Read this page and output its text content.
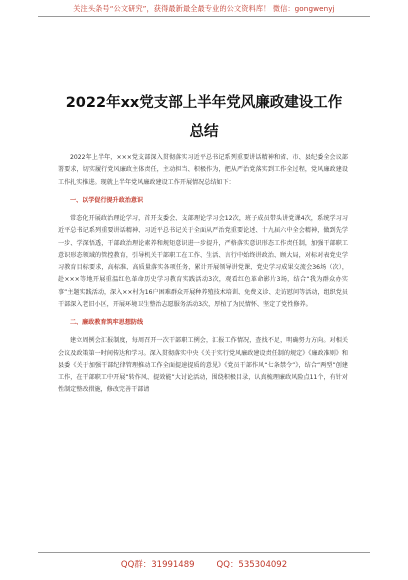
关注头条号“公文研究”，获得最新最全最专业的公文资料库！ 微信：gongwenyj
2022年xx党支部上半年党风廉政建设工作
总结

2022年上半年，×××党支部深入贯彻落实习近平总书记系列重要讲话精神和省、市、县纪委全会议部署要求，切实履行党风廉政主体责任，主动担当、积极作为，把从严治党落实到工作全过程，党风廉政建设工作扎实推进。现就上半年党风廉政建设工作开展情况总结如下：

一、以学促行提升政治意识

常态化开展政治理论学习，首开支委会、支部理论学习会12次，班子成员带头讲党课4次，系统学习习近平总书记系列重要讲话精神、习近平总书记关于全面从严治党重要论述、十九届六中全会精神，做到先学一步、学深悟透，干部政治理论素养和规矩意识进一步提升，严格落实意识形态工作责任制，加强干部职工意识形态领域的管控教育，引导机关干部职工在工作、生活、言行中始终讲政治、顾大局，对标对表党史学习教育目标要求，高标准、高质量落实各项任务，累计开展领导讲党课、党史学习成果交流会36场（次），赴×××等地开展重温红色革命历史学习教育实践活动3次，观看红色革命影片3场，结合“我为群众办实事”主题实践活动，深入××村为16户困难群众开展种养殖技术培训、免费义诊、走访慰问等活动，组织党员干部深入老旧小区，开展环境卫生整治志愿服务活动3次，厚植了为民情怀、坚定了党性修养。

二、廉政教育筑牢思想防线

建立周例会汇报制度，每周召开一次干部职工例会，汇报工作情况，查找不足，明确努力方向。对相关会议及政策第一时间传达和学习。深入贯彻落实中央《关于实行党风廉政建设责任制的规定》《廉政准则》和县委《关于加强干部纪律管理推动工作全面提速提质的意见》《党员干部作风“七条禁令”》，结合“两型”创建工作，在干部职工中开展“转作风、提效能”大讨论活动，围绕积极目录，认真梳理廉政风险点11个，有针对性制定整改措施，修改完善干部请

QQ群：31991489	QQ：535304092
